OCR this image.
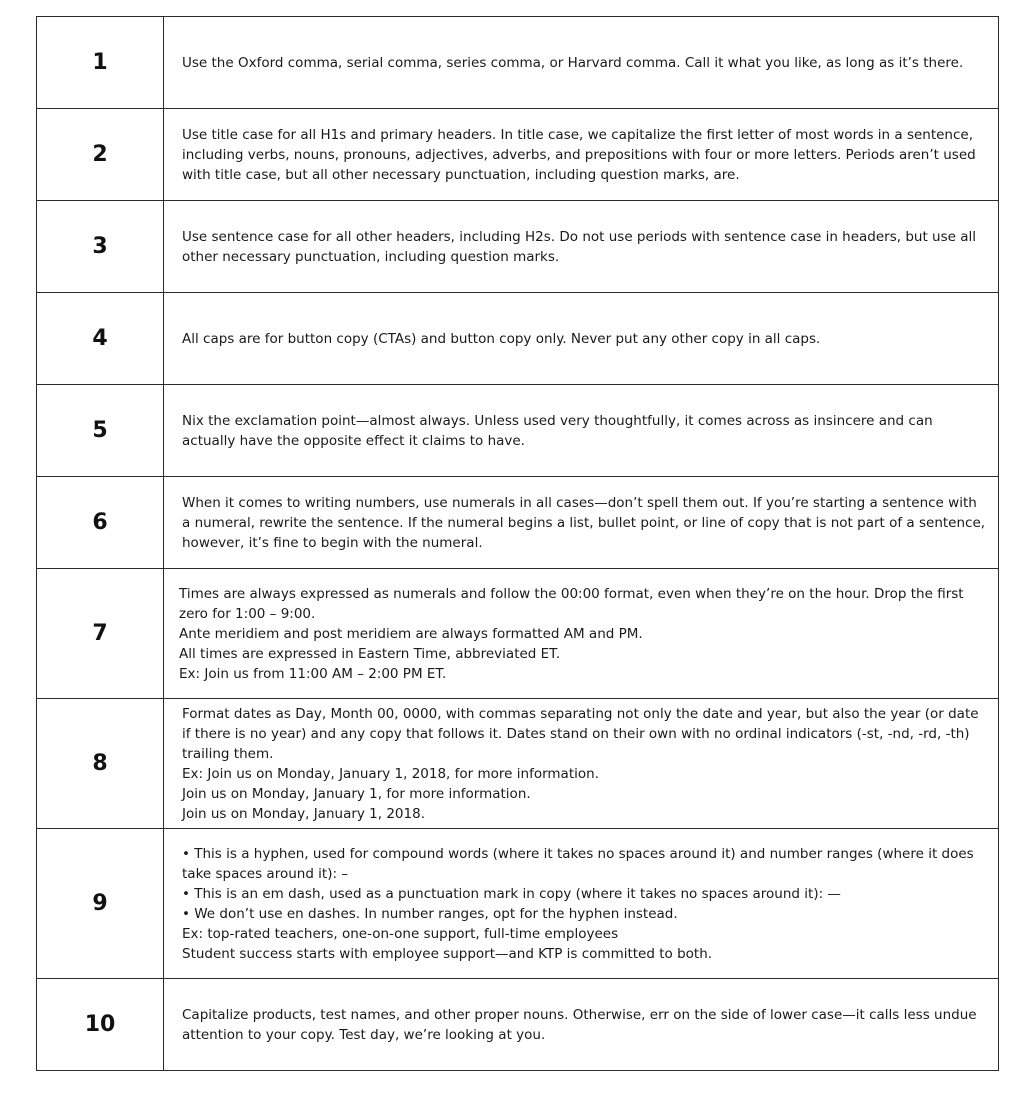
1	Use the Oxford comma, serial comma, series comma, or Harvard comma. Call it what you like, as long as it’s there.

2	Use title case for all H1s and primary headers. In title case, we capitalize the first letter of most words in a sentence, including verbs, nouns, pronouns, adjectives, adverbs, and prepositions with four or more letters. Periods aren’t used with title case, but all other necessary punctuation, including question marks, are.

3	Use sentence case for all other headers, including H2s. Do not use periods with sentence case in headers, but use all other necessary punctuation, including question marks.

4	All caps are for button copy (CTAs) and button copy only. Never put any other copy in all caps.

5	Nix the exclamation point—almost always. Unless used very thoughtfully, it comes across as insincere and can actually have the opposite effect it claims to have.

6	When it comes to writing numbers, use numerals in all cases—don’t spell them out. If you’re starting a sentence with a numeral, rewrite the sentence. If the numeral begins a list, bullet point, or line of copy that is not part of a sentence, however, it’s fine to begin with the numeral.

7	Times are always expressed as numerals and follow the 00:00 format, even when they’re on the hour. Drop the first zero for 1:00 – 9:00.
Ante meridiem and post meridiem are always formatted AM and PM.
All times are expressed in Eastern Time, abbreviated ET.
Ex: Join us from 11:00 AM – 2:00 PM ET.

8	Format dates as Day, Month 00, 0000, with commas separating not only the date and year, but also the year (or date if there is no year) and any copy that follows it. Dates stand on their own with no ordinal indicators (-st, -nd, -rd, -th) trailing them.
Ex: Join us on Monday, January 1, 2018, for more information.
Join us on Monday, January 1, for more information.
Join us on Monday, January 1, 2018.

9	• This is a hyphen, used for compound words (where it takes no spaces around it) and number ranges (where it does take spaces around it): –
• This is an em dash, used as a punctuation mark in copy (where it takes no spaces around it): —
• We don’t use en dashes. In number ranges, opt for the hyphen instead.
Ex: top-rated teachers, one-on-one support, full-time employees
Student success starts with employee support—and KTP is committed to both.

10	Capitalize products, test names, and other proper nouns. Otherwise, err on the side of lower case—it calls less undue attention to your copy. Test day, we’re looking at you.
